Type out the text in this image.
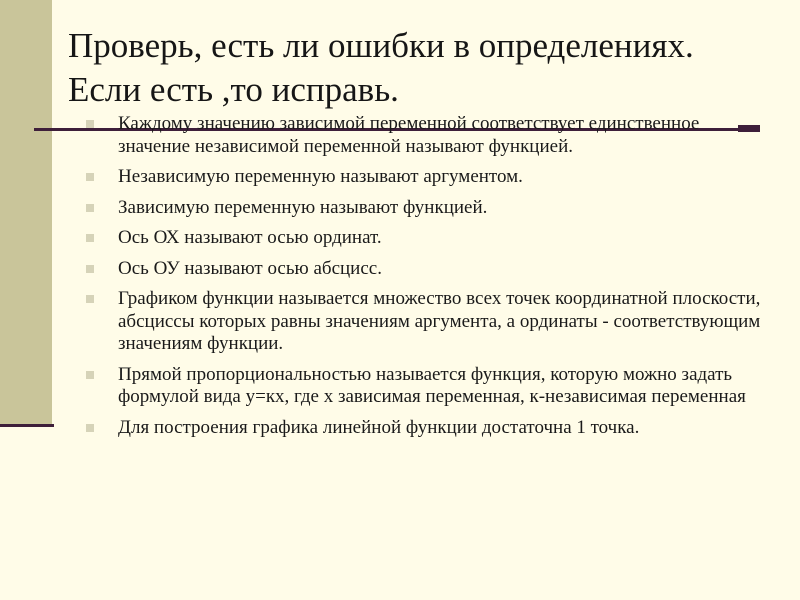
Проверь, есть ли ошибки в определениях.
Если есть ,то исправь.
Каждому значению зависимой переменной соответствует единственное значение независимой переменной называют функцией.
Независимую переменную называют аргументом.
Зависимую переменную называют функцией.
Ось ОХ называют осью ординат.
Ось ОУ называют осью абсцисс.
Графиком функции называется множество всех точек координатной плоскости, абсциссы которых равны значениям аргумента, а ординаты - соответствующим значениям функции.
Прямой пропорциональностью называется функция, которую можно задать формулой вида у=кх, где х зависимая переменная, к-независимая переменная
Для построения графика линейной функции достаточна 1 точка.
